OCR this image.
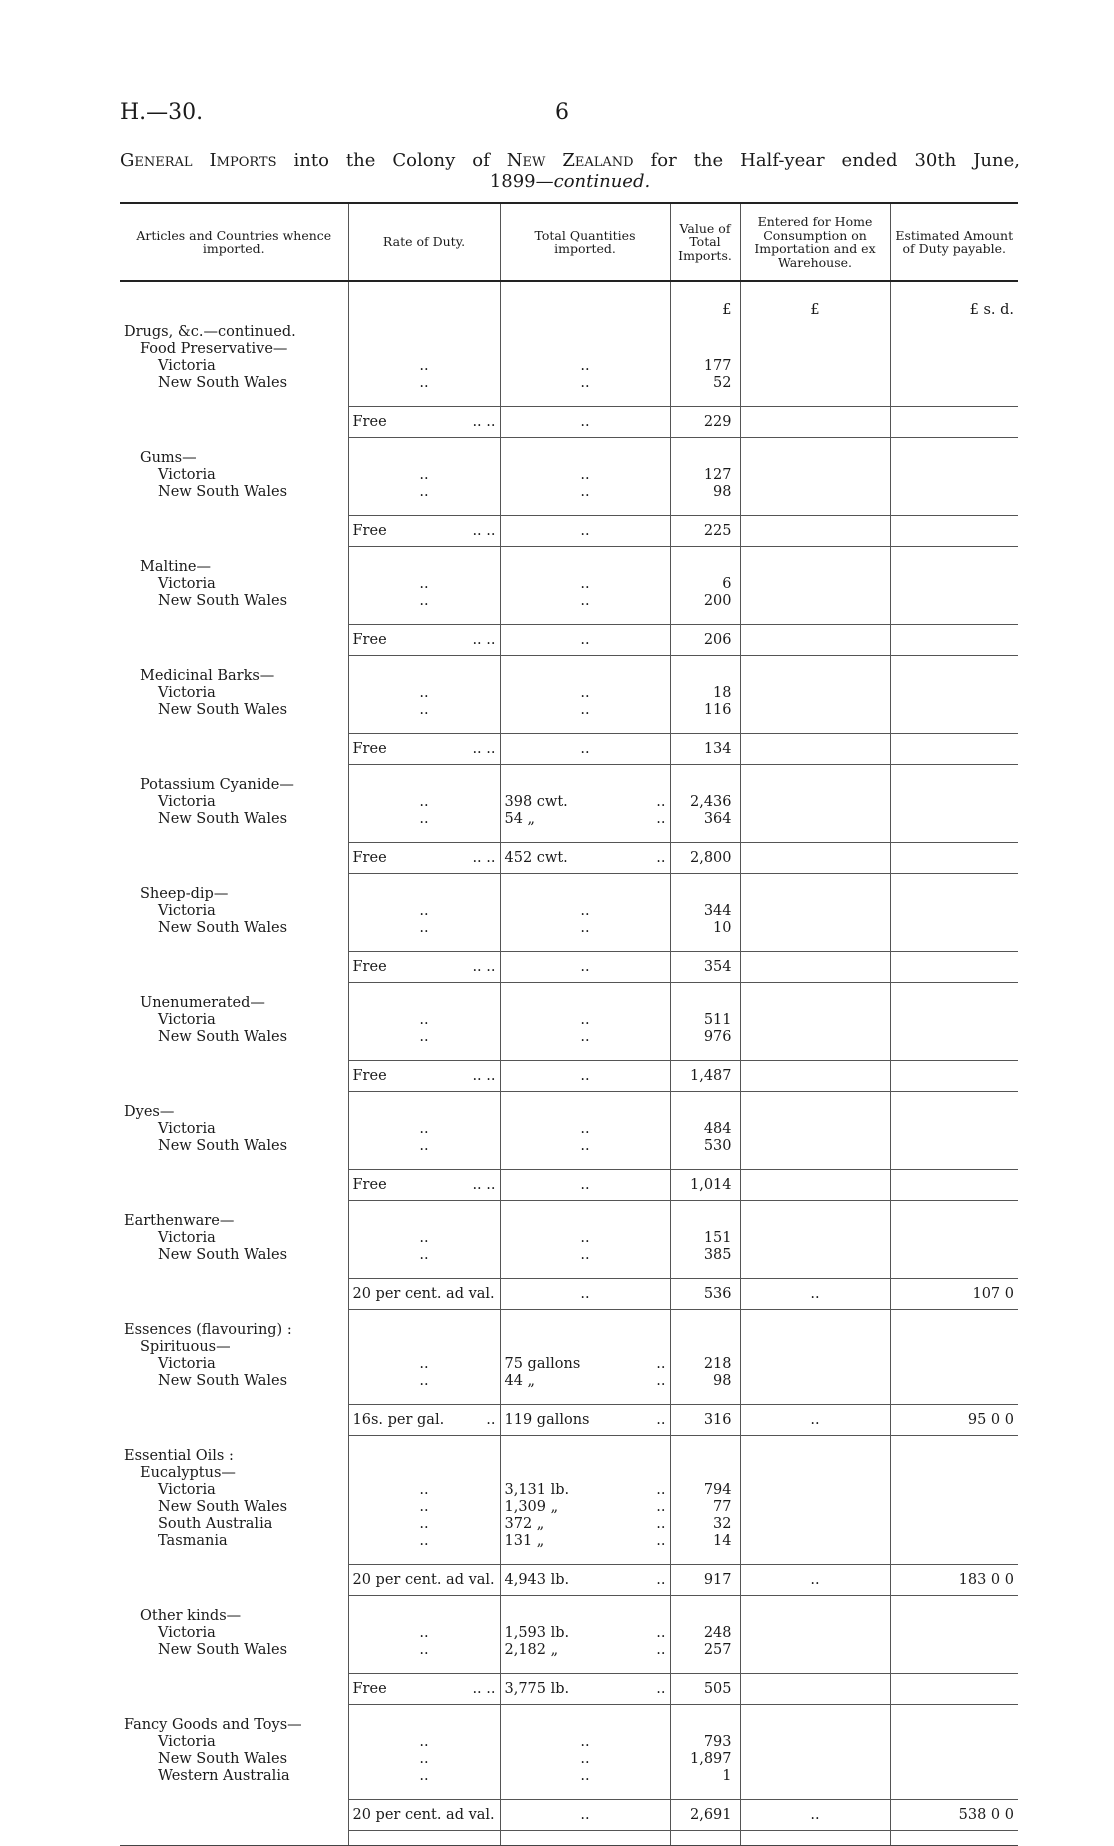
H.—30.	6
General Imports into the Colony of New Zealand for the Half-year ended 30th June,
1899—continued.
Articles and Countries whence imported.	Rate of Duty.	Total Quantities imported.	Value of Total Imports.	Entered for Home Consumption on Importation and ex Warehouse.	Estimated Amount of Duty payable.
			£	£	£ s. d.

Drugs, &c.—continued.					

Food Preservative—					

Victoria	..	..	177		

New South Wales	..	..	52		

	Free .. ..	..	229		

Gums—					

Victoria	..	..	127		

New South Wales	..	..	98		

	Free .. ..	..	225		

Maltine—					

Victoria	..	..	6		

New South Wales	..	..	200		

	Free .. ..	..	206		

Medicinal Barks—					

Victoria	..	..	18		

New South Wales	..	..	116		

	Free .. ..	..	134		

Potassium Cyanide—					

Victoria	..	398 cwt. ..	2,436		

New South Wales	..	54 „ ..	364		

	Free .. ..	452 cwt. ..	2,800		

Sheep-dip—					

Victoria	..	..	344		

New South Wales	..	..	10		

	Free .. ..	..	354		

Unenumerated—					

Victoria	..	..	511		

New South Wales	..	..	976		

	Free .. ..	..	1,487		

Dyes—					

Victoria	..	..	484		

New South Wales	..	..	530		

	Free .. ..	..	1,014		

Earthenware—					

Victoria	..	..	151		

New South Wales	..	..	385		

	20 per cent. ad val.	..	536	..	107 0

Essences (flavouring) :					

Spirituous—					

Victoria	..	75 gallons ..	218		

New South Wales	..	44 „ ..	98		

	16s. per gal. ..	119 gallons ..	316	..	95 0 0

Essential Oils :					

Eucalyptus—					

Victoria	..	3,131 lb. ..	794		

New South Wales	..	1,309 „ ..	77		

South Australia	..	372 „ ..	32		

Tasmania	..	131 „ ..	14		

	20 per cent. ad val.	4,943 lb. ..	917	..	183 0 0

Other kinds—					

Victoria	..	1,593 lb. ..	248		

New South Wales	..	2,182 „ ..	257		

	Free .. ..	3,775 lb. ..	505		

Fancy Goods and Toys—					

Victoria	..	..	793		

New South Wales	..	..	1,897		

Western Australia	..	..	1		

	20 per cent. ad val.	..	2,691	..	538 0 0
